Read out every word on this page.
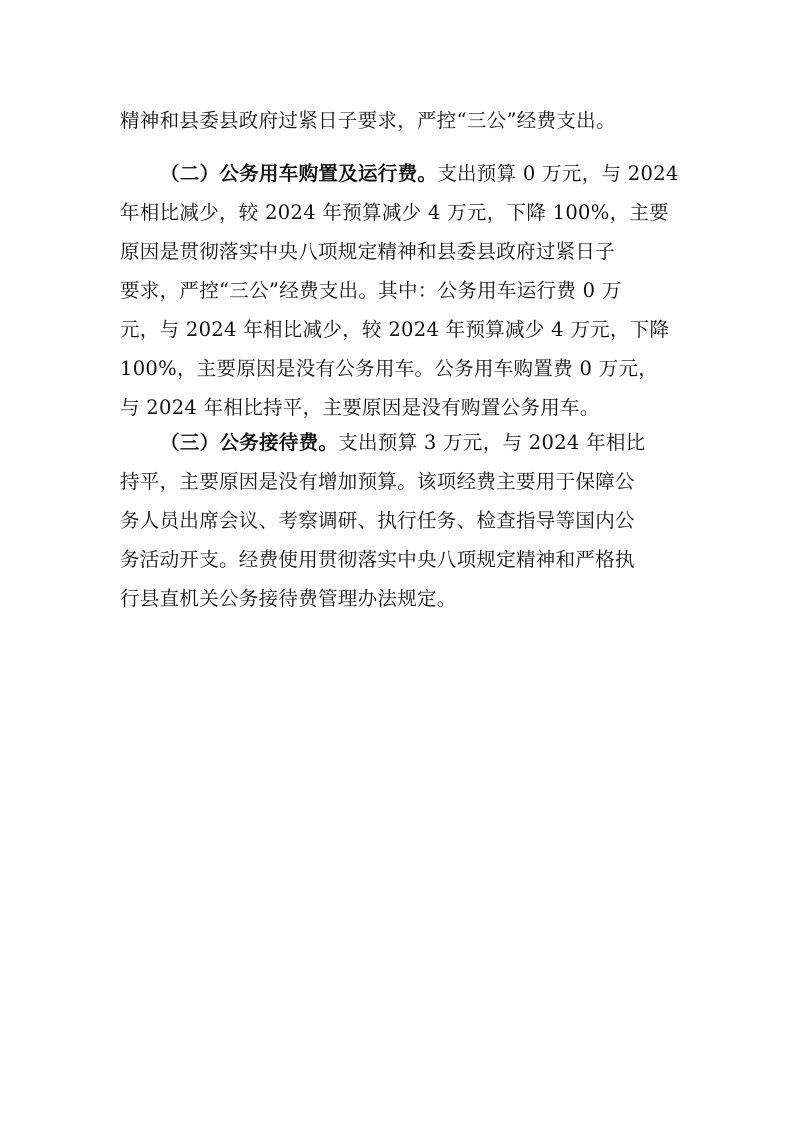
精神和县委县政府过紧日子要求，严控“三公”经费支出。
（二）公务用车购置及运行费。支出预算 0 万元，与 2024
年相比减少，较 2024 年预算减少 4 万元，下降 100%，主要
原因是贯彻落实中央八项规定精神和县委县政府过紧日子
要求，严控“三公”经费支出。其中：公务用车运行费 0 万
元，与 2024 年相比减少，较 2024 年预算减少 4 万元，下降
100%，主要原因是没有公务用车。公务用车购置费 0 万元，
与 2024 年相比持平，主要原因是没有购置公务用车。
（三）公务接待费。支出预算 3 万元，与 2024 年相比
持平，主要原因是没有增加预算。该项经费主要用于保障公
务人员出席会议、考察调研、执行任务、检查指导等国内公
务活动开支。经费使用贯彻落实中央八项规定精神和严格执
行县直机关公务接待费管理办法规定。
